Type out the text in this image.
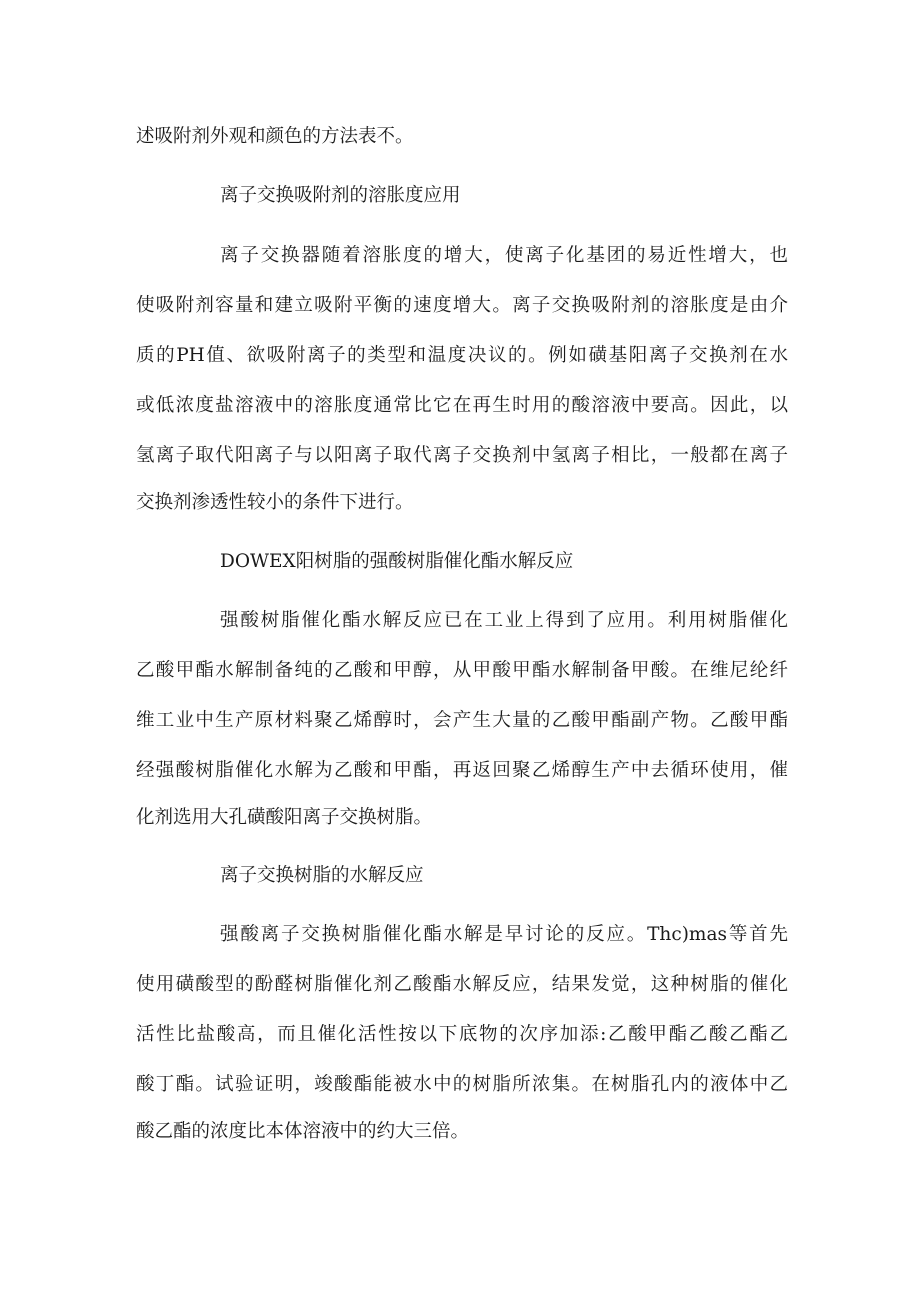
述吸附剂外观和颜色的方法表不。
离子交换吸附剂的溶胀度应用
离子交换器随着溶胀度的增大，使离子化基团的易近性增大，也
使吸附剂容量和建立吸附平衡的速度增大。离子交换吸附剂的溶胀度是由介
质的PH值、欲吸附离子的类型和温度决议的。例如磺基阳离子交换剂在水
或低浓度盐溶液中的溶胀度通常比它在再生时用的酸溶液中要高。因此，以
氢离子取代阳离子与以阳离子取代离子交换剂中氢离子相比，一般都在离子
交换剂渗透性较小的条件下进行。
DOWEX阳树脂的强酸树脂催化酯水解反应
强酸树脂催化酯水解反应已在工业上得到了应用。利用树脂催化
乙酸甲酯水解制备纯的乙酸和甲醇，从甲酸甲酯水解制备甲酸。在维尼纶纤
维工业中生产原材料聚乙烯醇时，会产生大量的乙酸甲酯副产物。乙酸甲酯
经强酸树脂催化水解为乙酸和甲酯，再返回聚乙烯醇生产中去循环使用，催
化剂选用大孔磺酸阳离子交换树脂。
离子交换树脂的水解反应
强酸离子交换树脂催化酯水解是早讨论的反应。Thc)mas等首先
使用磺酸型的酚醛树脂催化剂乙酸酯水解反应，结果发觉，这种树脂的催化
活性比盐酸高，而且催化活性按以下底物的次序加添:乙酸甲酯乙酸乙酯乙
酸丁酯。试验证明，竣酸酯能被水中的树脂所浓集。在树脂孔内的液体中乙
酸乙酯的浓度比本体溶液中的约大三倍。
